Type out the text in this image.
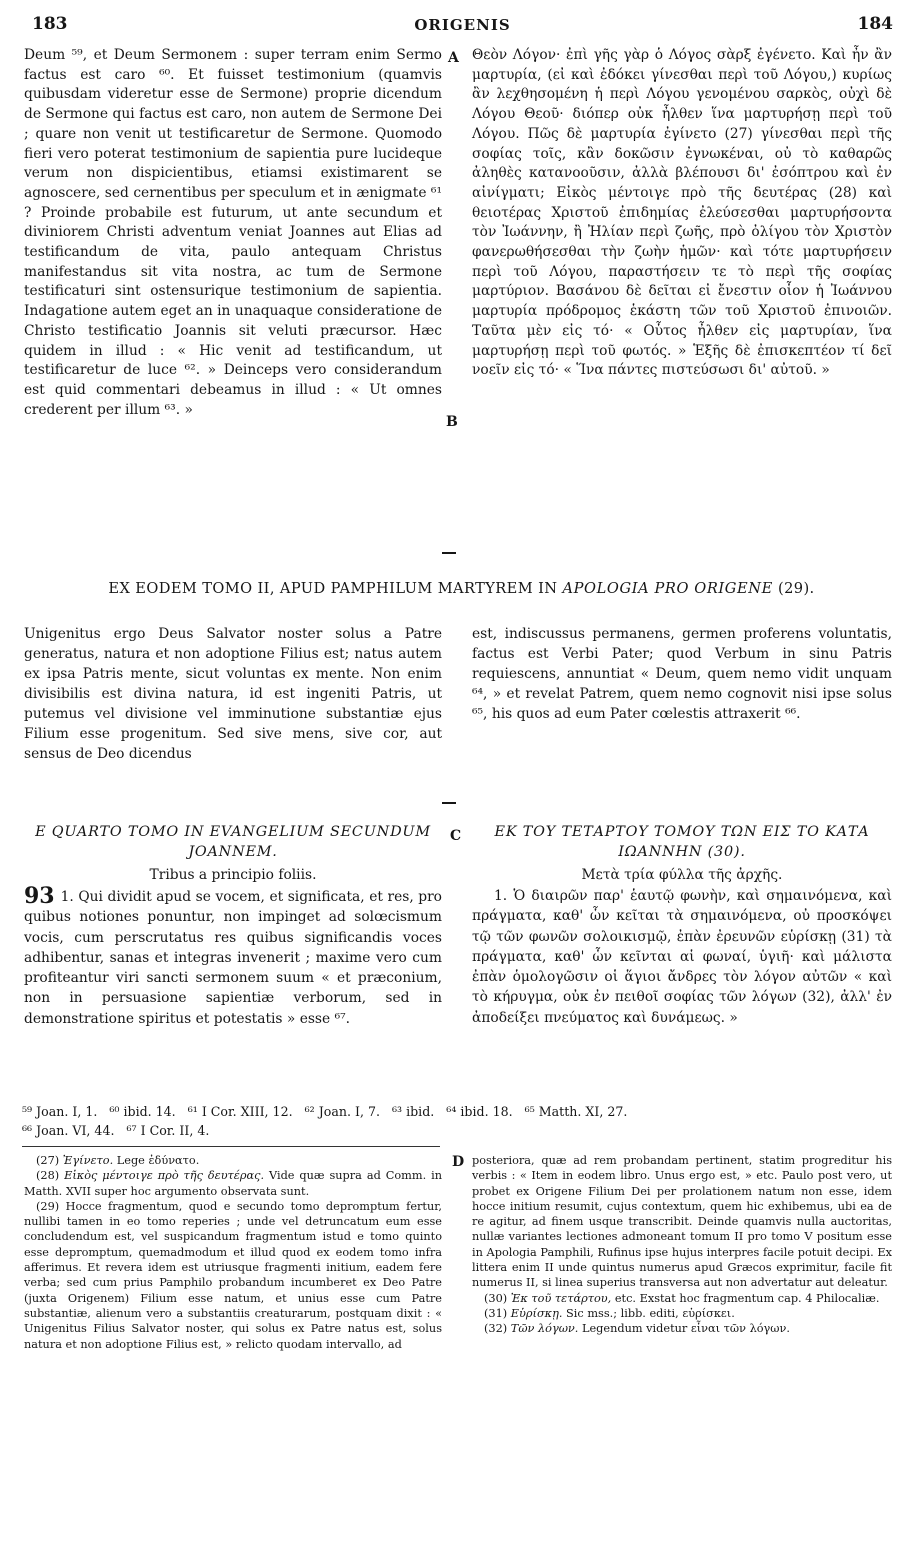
183	ORIGENIS	184

Deum ⁵⁹, et Deum Sermonem : super terram enim Sermo factus est caro ⁶⁰. Et fuisset testimonium (quamvis quibusdam videretur esse de Sermone) proprie dicendum de Sermone qui factus est caro, non autem de Sermone Dei ; quare non venit ut testificaretur de Sermone. Quomodo fieri vero poterat testimonium de sapientia pure lucideque verum non dispicientibus, etiamsi existimarent se agnoscere, sed cernentibus per speculum et in ænigmate ⁶¹ ? Proinde probabile est futurum, ut ante secundum et diviniorem Christi adventum veniat Joannes aut Elias ad testificandum de vita, paulo antequam Christus manifestandus sit vita nostra, ac tum de Sermone testificaturi sint ostensurique testimonium de sapientia. Indagatione autem eget an in unaquaque consideratione de Christo testificatio Joannis sit veluti præcursor. Hæc quidem in illud : « Hic venit ad testificandum, ut testificaretur de luce ⁶². » Deinceps vero considerandum est quid commentari debeamus in illud : « Ut omnes crederent per illum ⁶³. »

A
B

Θεὸν Λόγον· ἐπὶ γῆς γὰρ ὁ Λόγος σὰρξ ἐγένετο. Καὶ ἦν ἂν μαρτυρία, (εἰ καὶ ἐδόκει γίνεσθαι περὶ τοῦ Λόγου,) κυρίως ἂν λεχθησομένη ἡ περὶ Λόγου γενομένου σαρκὸς, οὐχὶ δὲ Λόγου Θεοῦ· διόπερ οὐκ ἦλθεν ἵνα μαρτυρήσῃ περὶ τοῦ Λόγου. Πῶς δὲ μαρτυρία ἐγίνετο (27) γίνεσθαι περὶ τῆς σοφίας τοῖς, κἂν δοκῶσιν ἐγνωκέναι, οὐ τὸ καθαρῶς ἀληθὲς κατανοοῦσιν, ἀλλὰ βλέπουσι δι' ἐσόπτρου καὶ ἐν αἰνίγματι; Εἰκὸς μέντοιγε πρὸ τῆς δευτέρας (28) καὶ θειοτέρας Χριστοῦ ἐπιδημίας ἐλεύσεσθαι μαρτυρήσοντα τὸν Ἰωάννην, ἢ Ἠλίαν περὶ ζωῆς, πρὸ ὀλίγου τὸν Χριστὸν φανερωθήσεσθαι τὴν ζωὴν ἡμῶν· καὶ τότε μαρτυρήσειν περὶ τοῦ Λόγου, παραστήσειν τε τὸ περὶ τῆς σοφίας μαρτύριον. Βασάνου δὲ δεῖται εἰ ἔνεστιν οἷον ἡ Ἰωάννου μαρτυρία πρόδρομος ἑκάστη τῶν τοῦ Χριστοῦ ἐπινοιῶν. Ταῦτα μὲν εἰς τό· « Οὗτος ἦλθεν εἰς μαρτυρίαν, ἵνα μαρτυρήσῃ περὶ τοῦ φωτός. » Ἑξῆς δὲ ἐπισκεπτέον τί δεῖ νοεῖν εἰς τό· « Ἵνα πάντες πιστεύσωσι δι' αὐτοῦ. »

EX EODEM TOMO II, APUD PAMPHILUM MARTYREM IN APOLOGIA PRO ORIGENE (29).

Unigenitus ergo Deus Salvator noster solus a Patre generatus, natura et non adoptione Filius est; natus autem ex ipsa Patris mente, sicut voluntas ex mente. Non enim divisibilis est divina natura, id est ingeniti Patris, ut putemus vel divisione vel imminutione substantiæ ejus Filium esse progenitum. Sed sive mens, sive cor, aut sensus de Deo dicendus

est, indiscussus permanens, germen proferens voluntatis, factus est Verbi Pater; quod Verbum in sinu Patris requiescens, annuntiat « Deum, quem nemo vidit unquam ⁶⁴, » et revelat Patrem, quem nemo cognovit nisi ipse solus ⁶⁵, his quos ad eum Pater cœlestis attraxerit ⁶⁶.

C
E QUARTO TOMO IN EVANGELIUM SECUNDUM JOANNEM.
Tribus a principio foliis.

93 1. Qui dividit apud se vocem, et significata, et res, pro quibus notiones ponuntur, non impinget ad solœcismum vocis, cum perscrutatus res quibus significandis voces adhibentur, sanas et integras invenerit ; maxime vero cum profiteantur viri sancti sermonem suum « et præconium, non in persuasione sapientiæ verborum, sed in demonstratione spiritus et potestatis » esse ⁶⁷.

ΕΚ ΤΟΥ ΤΕΤΑΡΤΟΥ ΤΟΜΟΥ ΤΩΝ ΕΙΣ ΤΟ ΚΑΤΑ ΙΩΑΝΝΗΝ (30).
Μετὰ τρία φύλλα τῆς ἀρχῆς.

1. Ὁ διαιρῶν παρ' ἑαυτῷ φωνὴν, καὶ σημαινόμενα, καὶ πράγματα, καθ' ὧν κεῖται τὰ σημαινόμενα, οὐ προσκόψει τῷ τῶν φωνῶν σολοικισμῷ, ἐπὰν ἐρευνῶν εὑρίσκῃ (31) τὰ πράγματα, καθ' ὧν κεῖνται αἱ φωναί, ὑγιῆ· καὶ μάλιστα ἐπὰν ὁμολογῶσιν οἱ ἅγιοι ἄνδρες τὸν λόγον αὐτῶν « καὶ τὸ κήρυγμα, οὐκ ἐν πειθοῖ σοφίας τῶν λόγων (32), ἀλλ' ἐν ἀποδείξει πνεύματος καὶ δυνάμεως. »

⁵⁹ Joan. I, 1. ⁶⁰ ibid. 14. ⁶¹ I Cor. XIII, 12. ⁶² Joan. I, 7. ⁶³ ibid. ⁶⁴ ibid. 18. ⁶⁵ Matth. XI, 27.
⁶⁶ Joan. VI, 44. ⁶⁷ I Cor. II, 4.

(27) Ἐγίνετο. Lege ἐδύνατο.

(28) Εἰκὸς μέντοιγε πρὸ τῆς δευτέρας. Vide quæ supra ad Comm. in Matth. XVII super hoc argumento observata sunt.

(29) Hocce fragmentum, quod e secundo tomo depromptum fertur, nullibi tamen in eo tomo reperies ; unde vel detruncatum eum esse concludendum est, vel suspicandum fragmentum istud e tomo quinto esse depromptum, quemadmodum et illud quod ex eodem tomo infra afferimus. Et revera idem est utriusque fragmenti initium, eadem fere verba; sed cum prius Pamphilo probandum incumberet ex Deo Patre (juxta Origenem) Filium esse natum, et unius esse cum Patre substantiæ, alienum vero a substantiis creaturarum, postquam dixit : « Unigenitus Filius Salvator noster, qui solus ex Patre natus est, solus natura et non adoptione Filius est, » relicto quodam intervallo, ad

D posteriora, quæ ad rem probandam pertinent, statim progreditur his verbis : « Item in eodem libro. Unus ergo est, » etc. Paulo post vero, ut probet ex Origene Filium Dei per prolationem natum non esse, idem hocce initium resumit, cujus contextum, quem hic exhibemus, ubi ea de re agitur, ad finem usque transcribit. Deinde quamvis nulla auctoritas, nullæ variantes lectiones admoneant tomum II pro tomo V positum esse in Apologia Pamphili, Rufinus ipse hujus interpres facile potuit decipi. Ex littera enim II unde quintus numerus apud Græcos exprimitur, facile fit numerus II, si linea superius transversa aut non advertatur aut deleatur.

(30) Ἐκ τοῦ τετάρτου, etc. Exstat hoc fragmentum cap. 4 Philocaliæ.

(31) Εὑρίσκῃ. Sic mss.; libb. editi, εὑρίσκει.

(32) Τῶν λόγων. Legendum videtur εἶναι τῶν λόγων.
